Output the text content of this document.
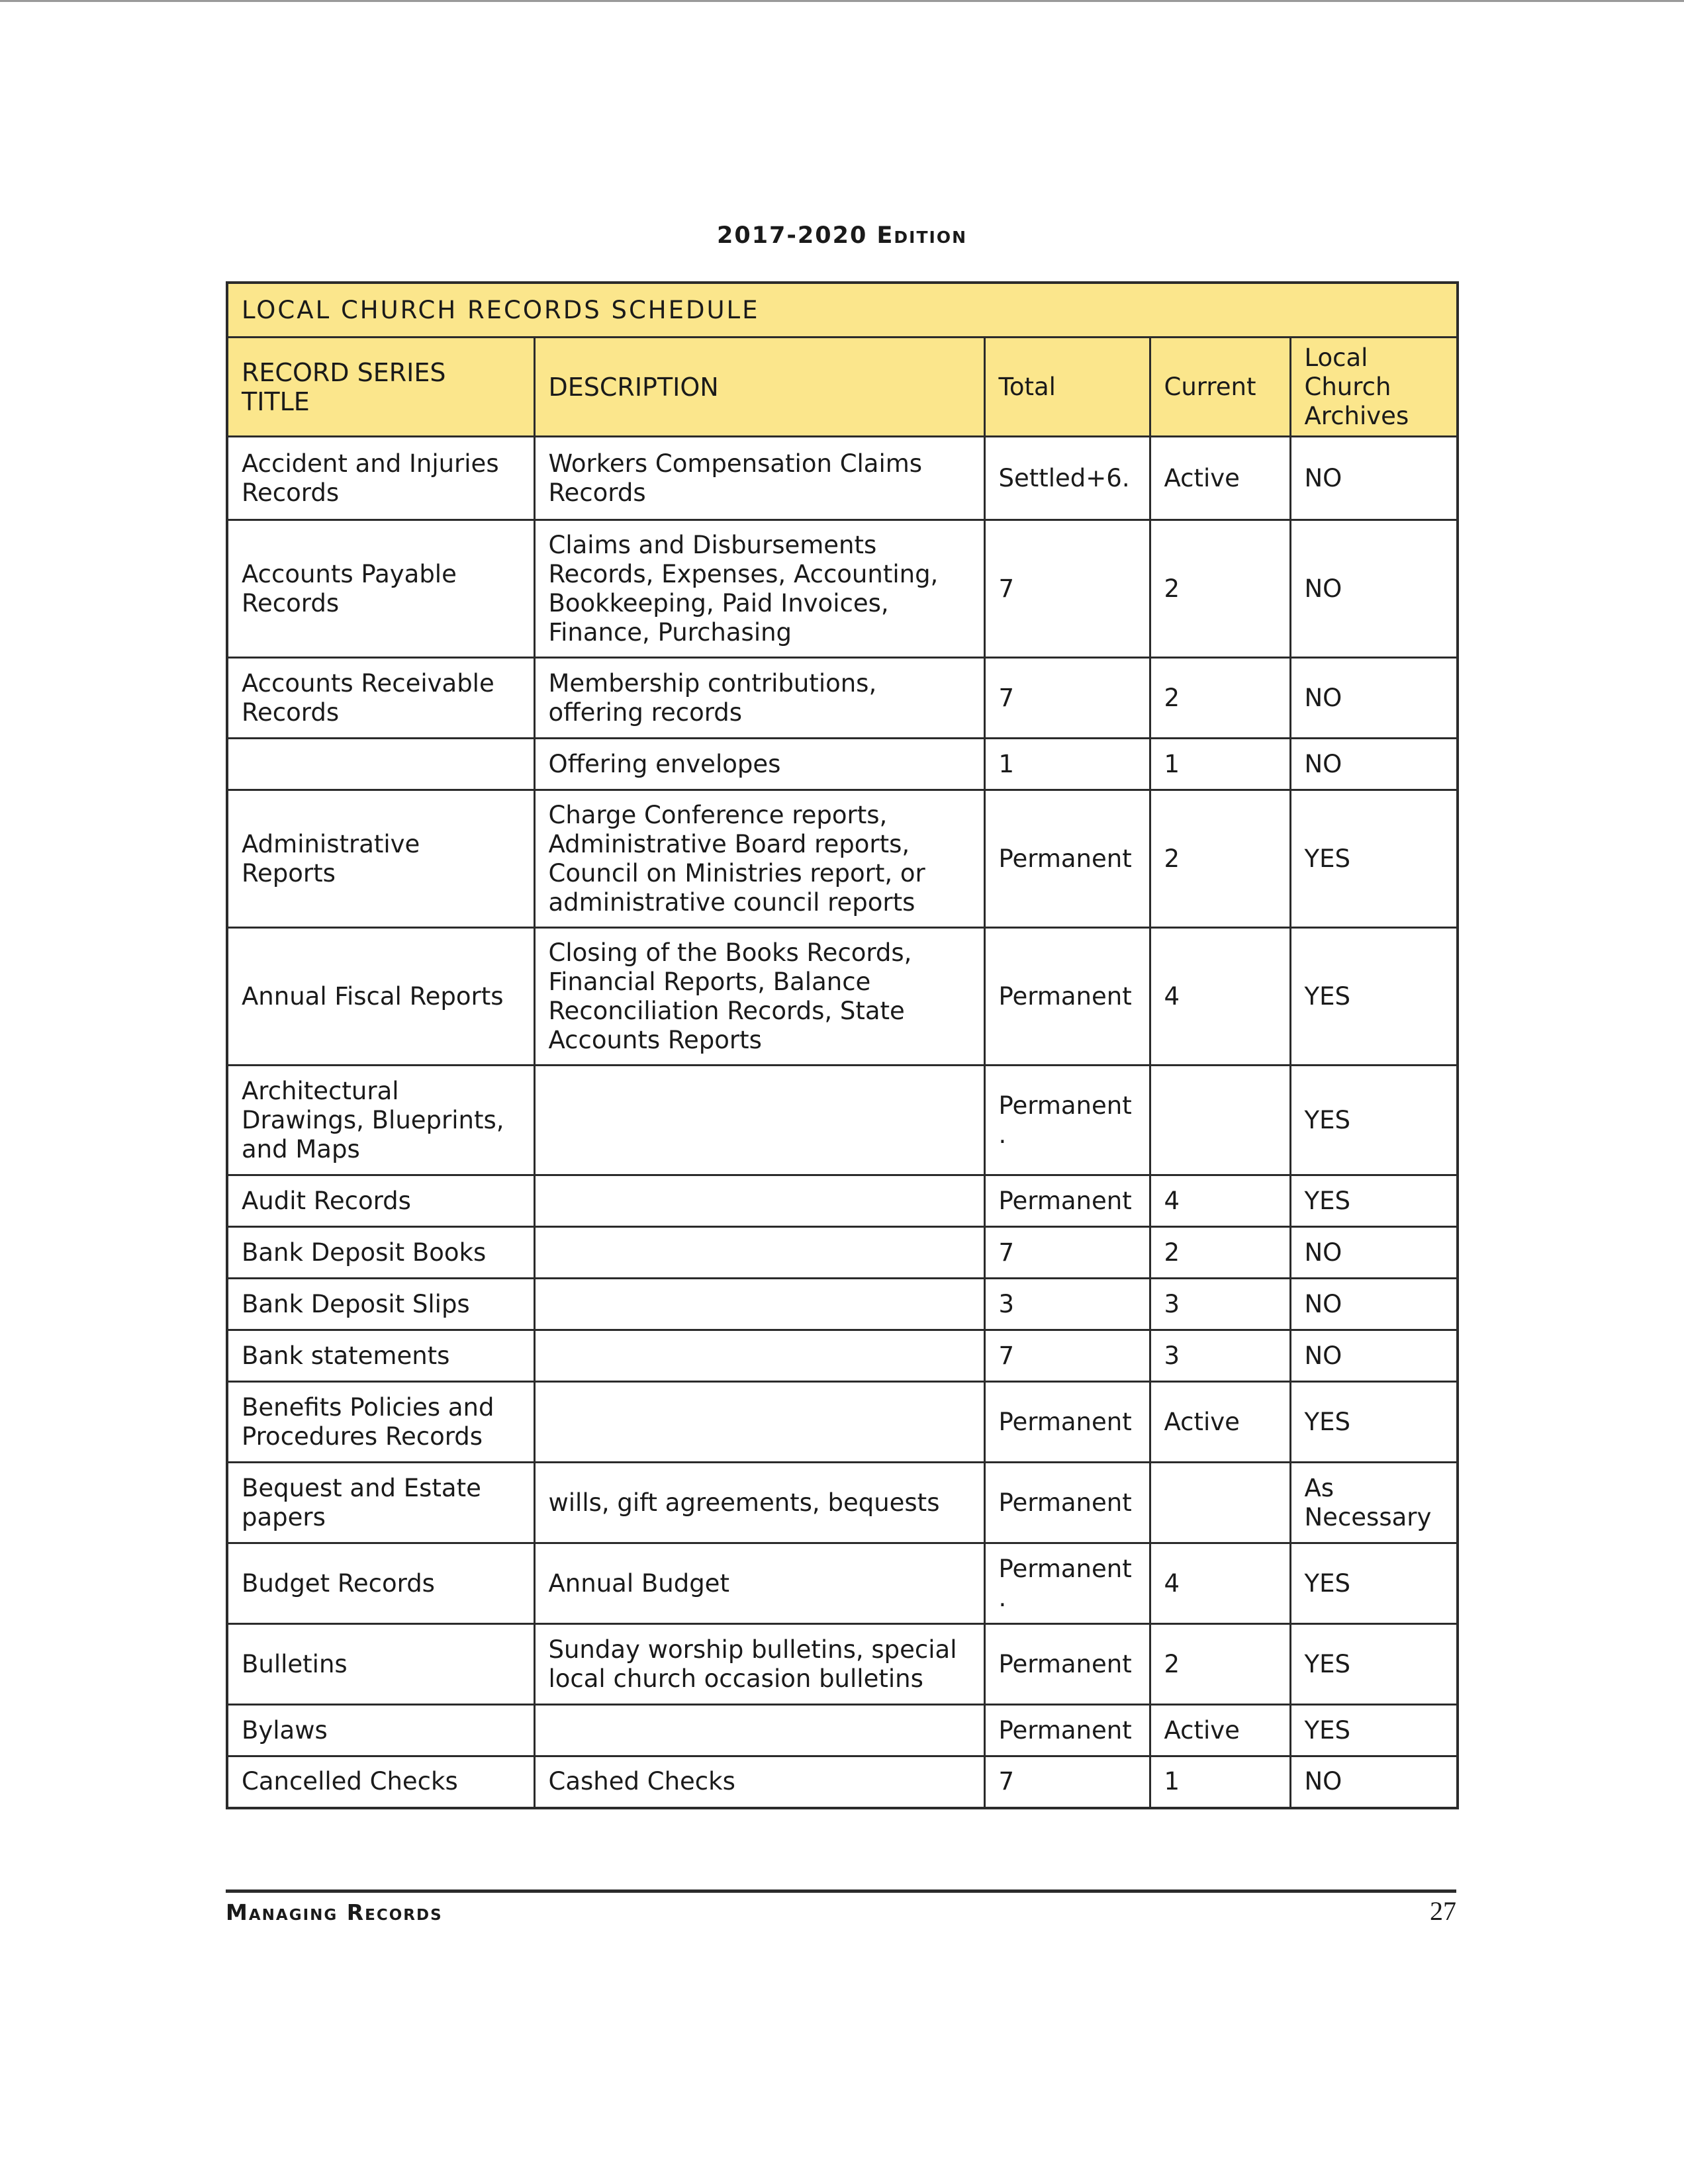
2017-2020 Edition
LOCAL CHURCH RECORDS SCHEDULE				
RECORD SERIES TITLE	DESCRIPTION	Total	Current	Local Church Archives
Accident and Injuries Records	Workers Compensation Claims Records	Settled+6.	Active	NO
Accounts Payable Records	Claims and Disbursements Records, Expenses, Accounting, Bookkeeping, Paid Invoices, Finance, Purchasing	7	2	NO
Accounts Receivable Records	Membership contributions, offering records	7	2	NO
	Offering envelopes	1	1	NO
Administrative Reports	Charge Conference reports, Administrative Board reports, Council on Ministries report, or administrative council reports	Permanent	2	YES
Annual Fiscal Reports	Closing of the Books Records, Financial Reports, Balance Reconciliation Records, State Accounts Reports	Permanent	4	YES
Architectural Drawings, Blueprints, and Maps		Permanent .		YES
Audit Records		Permanent	4	YES
Bank Deposit Books		7	2	NO
Bank Deposit Slips		3	3	NO
Bank statements		7	3	NO
Benefits Policies and Procedures Records		Permanent	Active	YES
Bequest and Estate papers	wills, gift agreements, bequests	Permanent		As Necessary
Budget Records	Annual Budget	Permanent .	4	YES
Bulletins	Sunday worship bulletins, special local church occasion bulletins	Permanent	2	YES
Bylaws		Permanent	Active	YES
Cancelled Checks	Cashed Checks	7	1	NO
Managing Records	27
